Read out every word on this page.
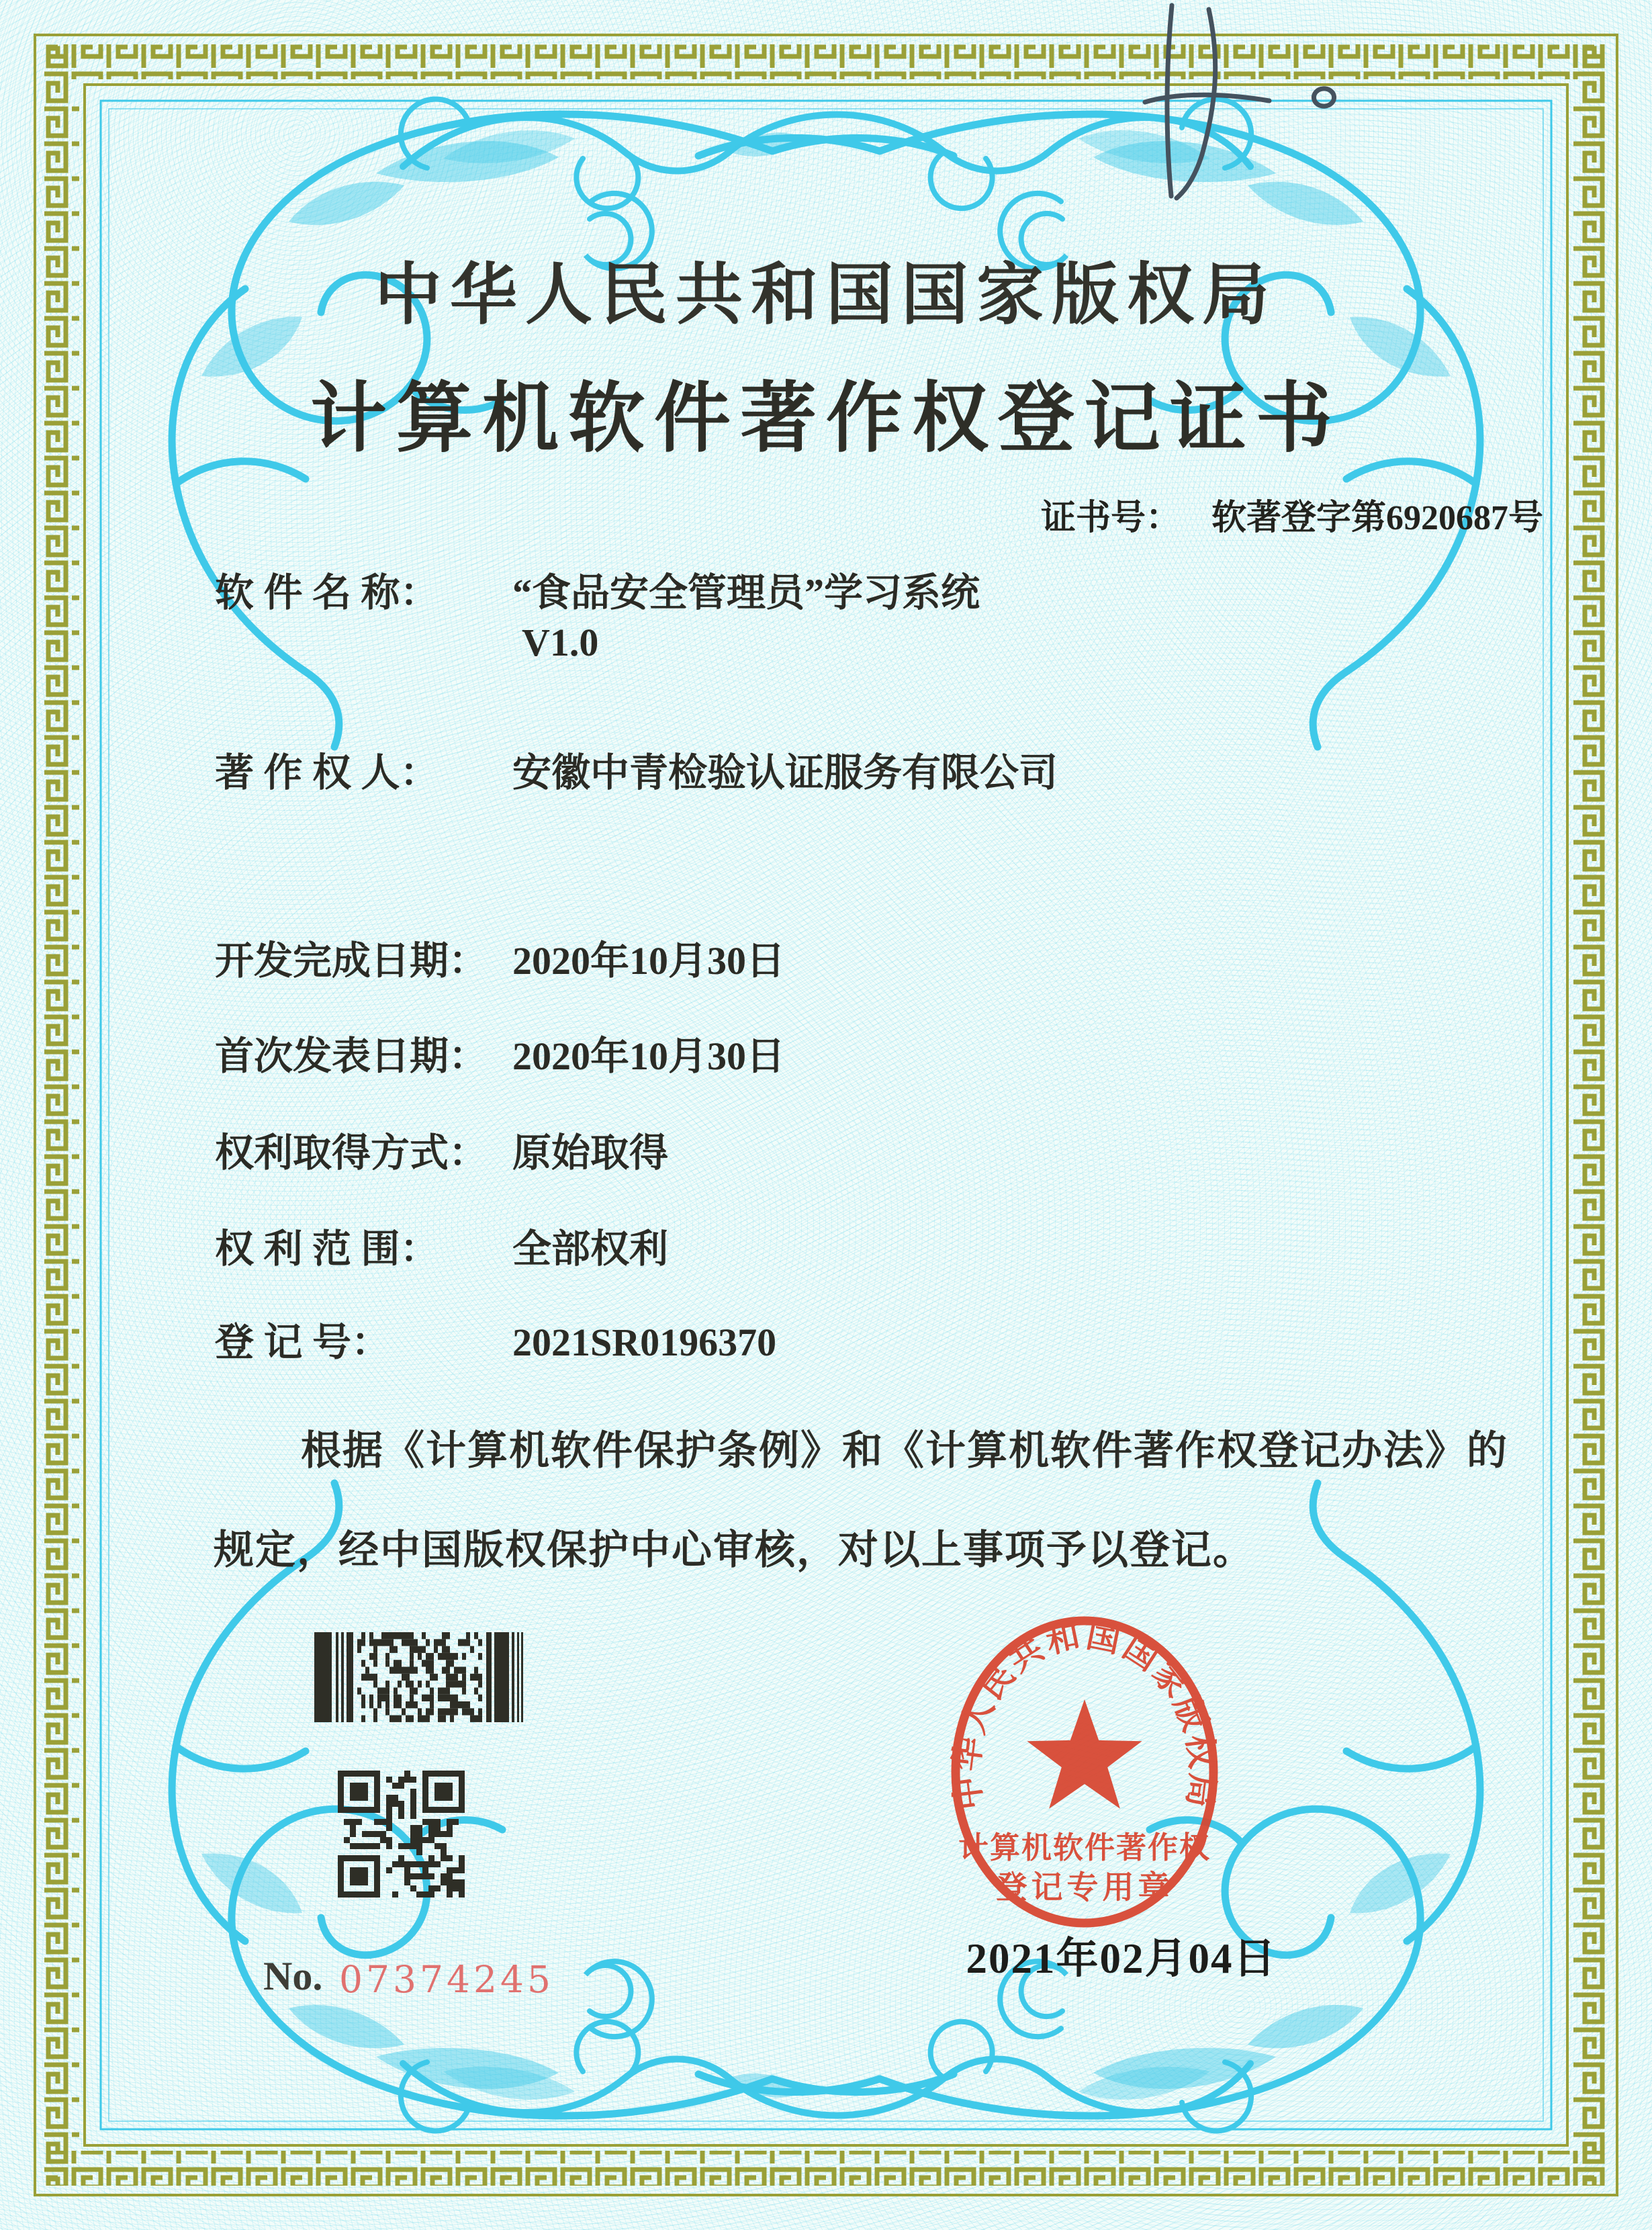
中华人民共和国国家版权局
计算机软件著作权登记证书
证书号： 软著登字第6920687号
软 件 名 称： “食品安全管理员”学习系统
V1.0
著 作 权 人： 安徽中青检验认证服务有限公司
开发完成日期： 2020年10月30日
首次发表日期： 2020年10月30日
权利取得方式： 原始取得
权 利 范 围： 全部权利
登 记 号：	2021SR0196370
根据《计算机软件保护条例》和《计算机软件著作权登记办法》的
规定，经中国版权保护中心审核，对以上事项予以登记。
No. 07374245
中华人民共和国国家版权局
计算机软件著作权
登记专用章
2021年02月04日
